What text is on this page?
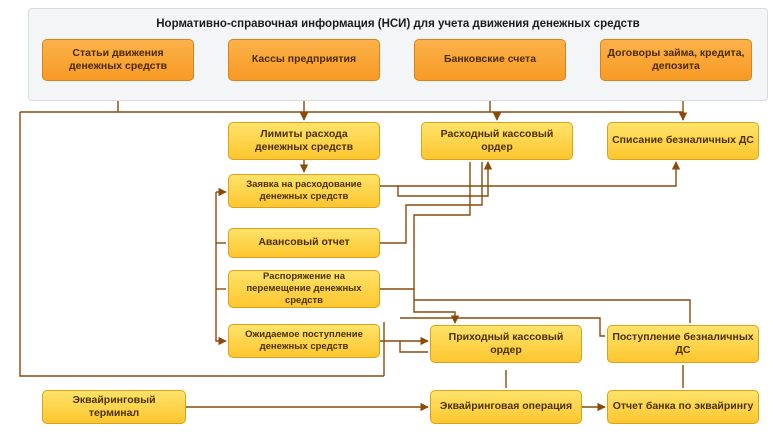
Нормативно-справочная информация (НСИ) для учета движения денежных средств
Статьи движения денежных средств
Кассы предприятия	Банковские счета
Договоры займа, кредита, депозита
Лимиты расхода денежных средств
Расходный кассовый ордер
Списание безналичных ДС
Заявка на расходование денежных средств
Авансовый отчет
Распоряжение на перемещение денежных средств
Ожидаемое поступление денежных средств
Приходный кассовый ордер
Поступление безналичных ДС
Эквайринговый терминал
Эквайринговая операция	Отчет банка по эквайрингу
